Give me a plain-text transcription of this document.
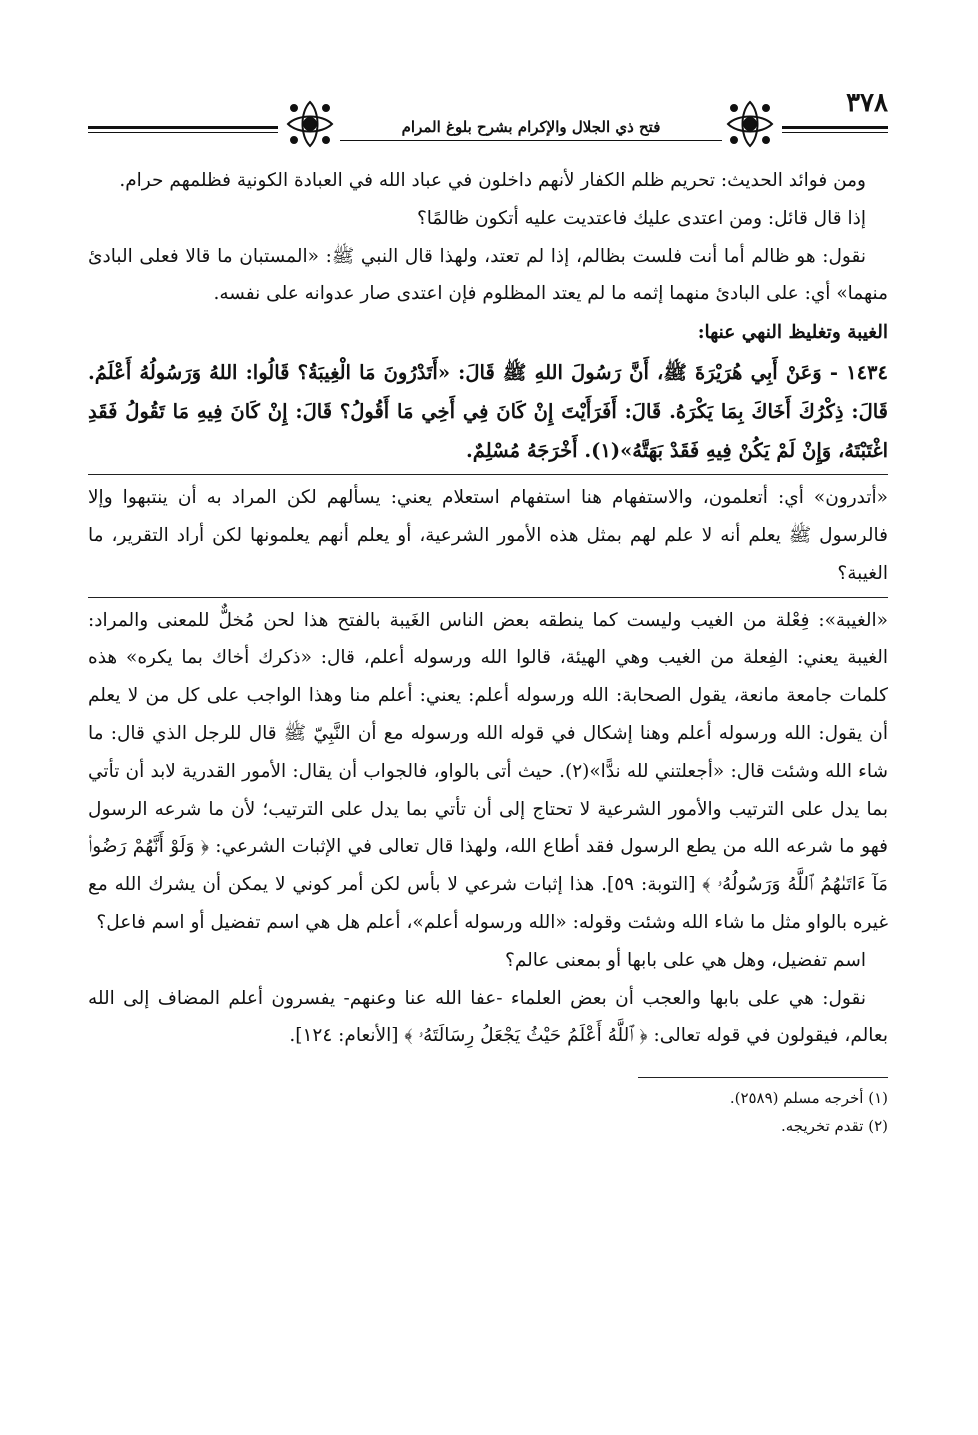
٣٧٨
فتح ذي الجلال والإكرام بشرح بلوغ المرام

ومن فوائد الحديث: تحريم ظلم الكفار لأنهم داخلون في عباد الله في العبادة الكونية فظلمهم حرام.

إذا قال قائل: ومن اعتدى عليك فاعتديت عليه أتكون ظالمًا؟

نقول: هو ظالم أما أنت فلست بظالم، إذا لم تعتد، ولهذا قال النبي ﷺ: «المستبان ما قالا فعلى البادئ منهما» أي: على البادئ منهما إثمه ما لم يعتد المظلوم فإن اعتدى صار عدوانه على نفسه.

الغيبة وتغليظ النهي عنها:

١٤٣٤ - وَعَنْ أَبِي هُرَيْرَةَ ﷺ، أَنَّ رَسُولَ اللهِ ﷺ قَالَ: «أَتَدْرُونَ مَا الْغِيبَةُ؟ قَالُوا: اللهُ وَرَسُولُهُ أَعْلَمُ. قَالَ: ذِكْرُكَ أَخَاكَ بِمَا يَكْرَهُ. قَالَ: أَفَرَأَيْتَ إِنْ كَانَ فِي أَخِي مَا أَقُولُ؟ قَالَ: إِنْ كَانَ فِيهِ مَا تَقُولُ فَقَدِ اغْتَبْتَهُ، وَإِنْ لَمْ يَكُنْ فِيهِ فَقَدْ بَهَتَّهُ»(١). أَخْرَجَهُ مُسْلِمٌ.

«أتدرون» أي: أتعلمون، والاستفهام هنا استفهام استعلام يعني: يسألهم لكن المراد به أن ينتبهوا وإلا فالرسول ﷺ يعلم أنه لا علم لهم بمثل هذه الأمور الشرعية، أو يعلم أنهم يعلمونها لكن أراد التقرير، ما الغيبة؟

«الغيبة»: فِعْلة من الغيب وليست كما ينطقه بعض الناس الغَيبة بالفتح هذا لحن مُخلٌّ للمعنى والمراد: الغيبة يعني: الفِعلة من الغيب وهي الهيئة، قالوا الله ورسوله أعلم، قال: «ذكرك أخاك بما يكره» هذه كلمات جامعة مانعة، يقول الصحابة: الله ورسوله أعلم: يعني: أعلم منا وهذا الواجب على كل من لا يعلم أن يقول: الله ورسوله أعلم وهنا إشكال في قوله الله ورسوله مع أن النَّبِيّ ﷺ قال للرجل الذي قال: ما شاء الله وشئت قال: «أجعلتني لله ندًّا»(٢). حيث أتى بالواو، فالجواب أن يقال: الأمور القدرية لابد أن تأتي بما يدل على الترتيب والأمور الشرعية لا تحتاج إلى أن تأتي بما يدل على الترتيب؛ لأن ما شرعه الرسول فهو ما شرعه الله من يطع الرسول فقد أطاع الله، ولهذا قال تعالى في الإثبات الشرعي: ﴿ وَلَوْ أَنَّهُمْ رَضُوا۟ مَآ ءَاتَىٰهُمُ ٱللَّهُ وَرَسُولُهُۥ ﴾ [التوبة: ٥٩]. هذا إثبات شرعي لا بأس لكن أمر كوني لا يمكن أن يشرك الله مع غيره بالواو مثل ما شاء الله وشئت وقوله: «الله ورسوله أعلم»، أعلم هل هي اسم تفضيل أو اسم فاعل؟

اسم تفضيل، وهل هي على بابها أو بمعنى عالم؟

نقول: هي على بابها والعجب أن بعض العلماء -عفا الله عنا وعنهم- يفسرون أعلم المضاف إلى الله بعالم، فيقولون في قوله تعالى: ﴿ ٱللَّهُ أَعْلَمُ حَيْثُ يَجْعَلُ رِسَالَتَهُۥ ﴾ [الأنعام: ١٢٤].

(١) أخرجه مسلم (٢٥٨٩).

(٢) تقدم تخريجه.
